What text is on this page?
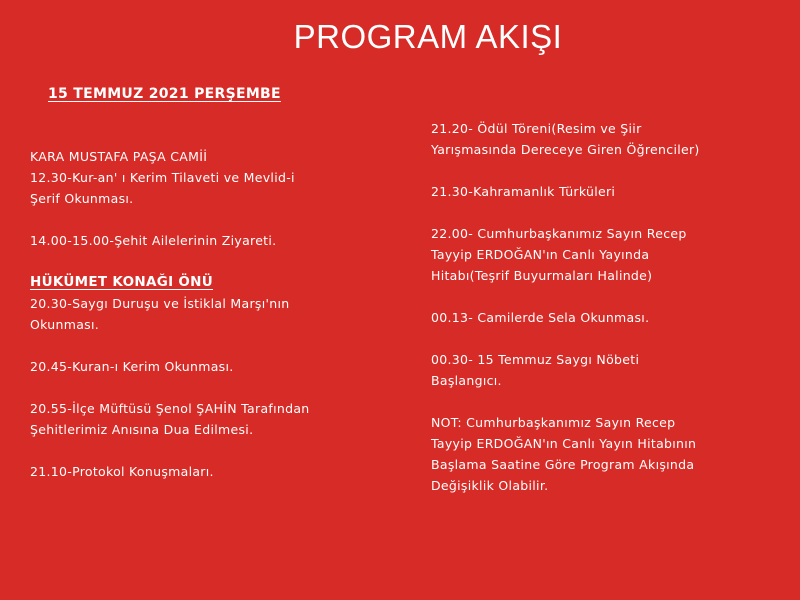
PROGRAM AKIŞI
15 TEMMUZ 2021 PERŞEMBE
KARA MUSTAFA PAŞA CAMİİ
12.30-Kur-an' ı Kerim Tilaveti ve Mevlid-i
Şerif Okunması.
14.00-15.00-Şehit Ailelerinin Ziyareti.
HÜKÜMET KONAĞI ÖNÜ
20.30-Saygı Duruşu ve İstiklal Marşı'nın
Okunması.
20.45-Kuran-ı Kerim Okunması.
20.55-İlçe Müftüsü Şenol ŞAHİN Tarafından
Şehitlerimiz Anısına Dua Edilmesi.
21.10-Protokol Konuşmaları.
21.20- Ödül Töreni(Resim ve Şiir
Yarışmasında Dereceye Giren Öğrenciler)
21.30-Kahramanlık Türküleri
22.00- Cumhurbaşkanımız Sayın Recep
Tayyip ERDOĞAN'ın Canlı Yayında
Hitabı(Teşrif Buyurmaları Halinde)
00.13- Camilerde Sela Okunması.
00.30- 15 Temmuz Saygı Nöbeti
Başlangıcı.
NOT: Cumhurbaşkanımız Sayın Recep
Tayyip ERDOĞAN'ın Canlı Yayın Hitabının
Başlama Saatine Göre Program Akışında
Değişiklik Olabilir.
